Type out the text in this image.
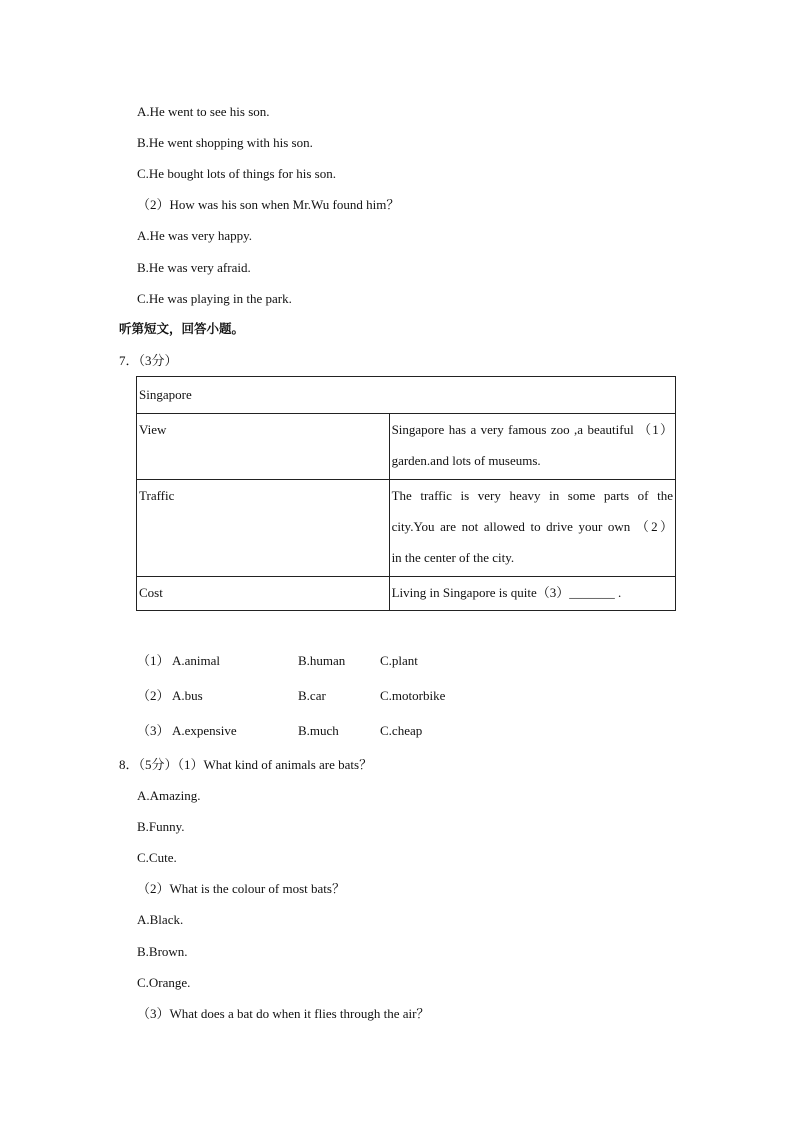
A.He went to see his son.
B.He went shopping with his son.
C.He bought lots of things for his son.
（2）How was his son when Mr.Wu found him？
A.He was very happy.
B.He was very afraid.
C.He was playing in the park.
听第短文，回答小题。
7．（3分）
Singapore	
View	Singapore has a very famous zoo ,a beautiful （1）
garden.and lots of museums.

Traffic	The traffic is very heavy in some parts of the
city.You are not allowed to drive your own （2）
in the center of the city.

Cost	Living in Singapore is quite（3）_______ .
（1） A.animal	B.human	C.plant
（2） A.bus	B.car	C.motorbike
（3） A.expensive	B.much	C.cheap
8．（5分）（1）What kind of animals are bats？
A.Amazing.
B.Funny.
C.Cute.
（2）What is the colour of most bats？
A.Black.
B.Brown.
C.Orange.
（3）What does a bat do when it flies through the air？
